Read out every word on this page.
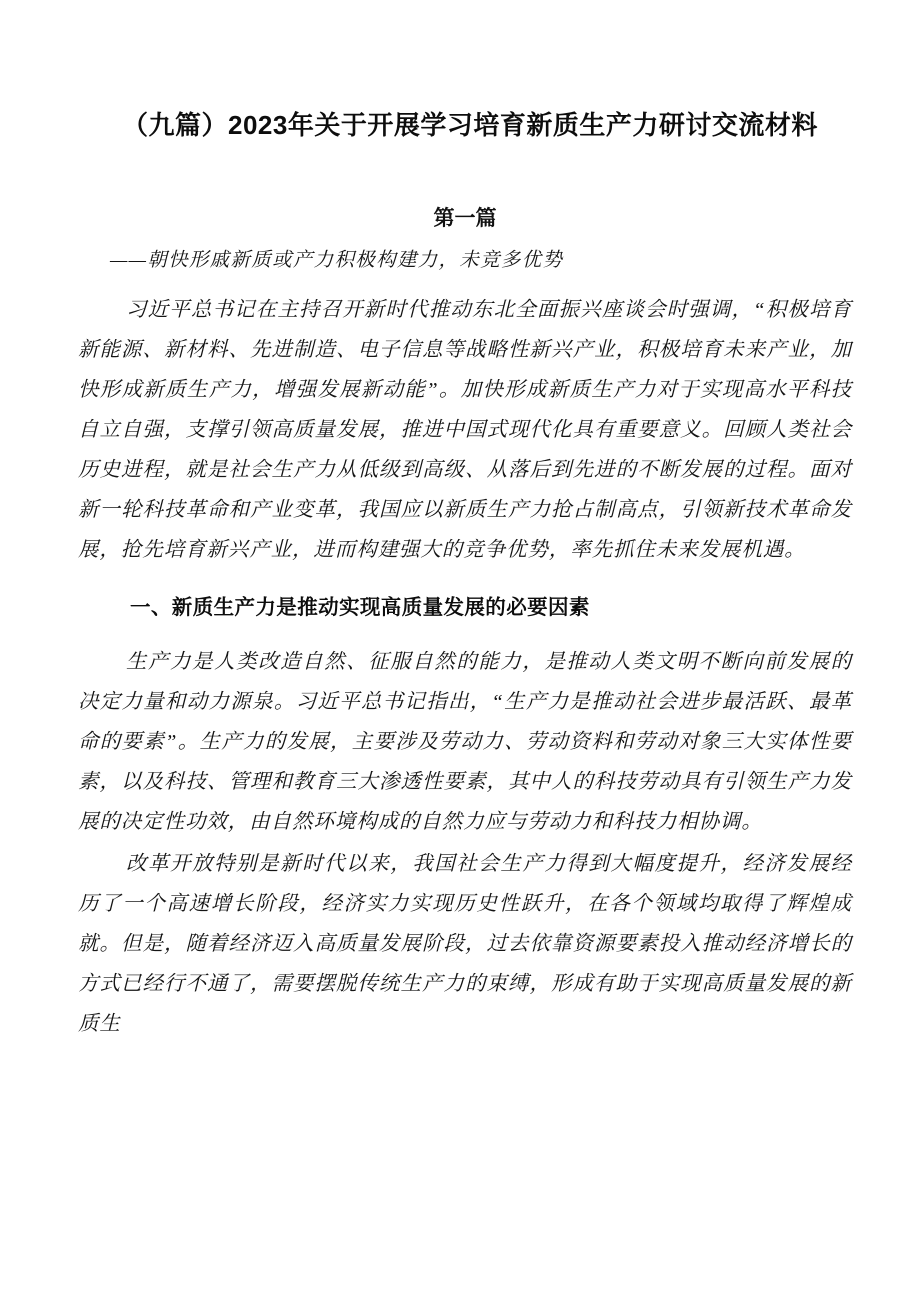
（九篇）2023年关于开展学习培育新质生产力研讨交流材料
第一篇
——朝快形戚新质或产力积极构建力，未竞多优势

习近平总书记在主持召开新时代推动东北全面振兴座谈会时强调，“积极培育新能源、新材料、先进制造、电子信息等战略性新兴产业，积极培育未来产业，加快形成新质生产力，增强发展新动能”。加快形成新质生产力对于实现高水平科技自立自强，支撑引领高质量发展，推进中国式现代化具有重要意义。回顾人类社会历史进程，就是社会生产力从低级到高级、从落后到先进的不断发展的过程。面对新一轮科技革命和产业变革，我国应以新质生产力抢占制高点，引领新技术革命发展，抢先培育新兴产业，进而构建强大的竞争优势，率先抓住未来发展机遇。

一、新质生产力是推动实现高质量发展的必要因素

生产力是人类改造自然、征服自然的能力，是推动人类文明不断向前发展的决定力量和动力源泉。习近平总书记指出，“生产力是推动社会进步最活跃、最革命的要素”。生产力的发展，主要涉及劳动力、劳动资料和劳动对象三大实体性要素，以及科技、管理和教育三大渗透性要素，其中人的科技劳动具有引领生产力发展的决定性功效，由自然环境构成的自然力应与劳动力和科技力相协调。

改革开放特别是新时代以来，我国社会生产力得到大幅度提升，经济发展经历了一个高速增长阶段，经济实力实现历史性跃升，在各个领域均取得了辉煌成就。但是，随着经济迈入高质量发展阶段，过去依靠资源要素投入推动经济增长的方式已经行不通了，需要摆脱传统生产力的束缚，形成有助于实现高质量发展的新质生
